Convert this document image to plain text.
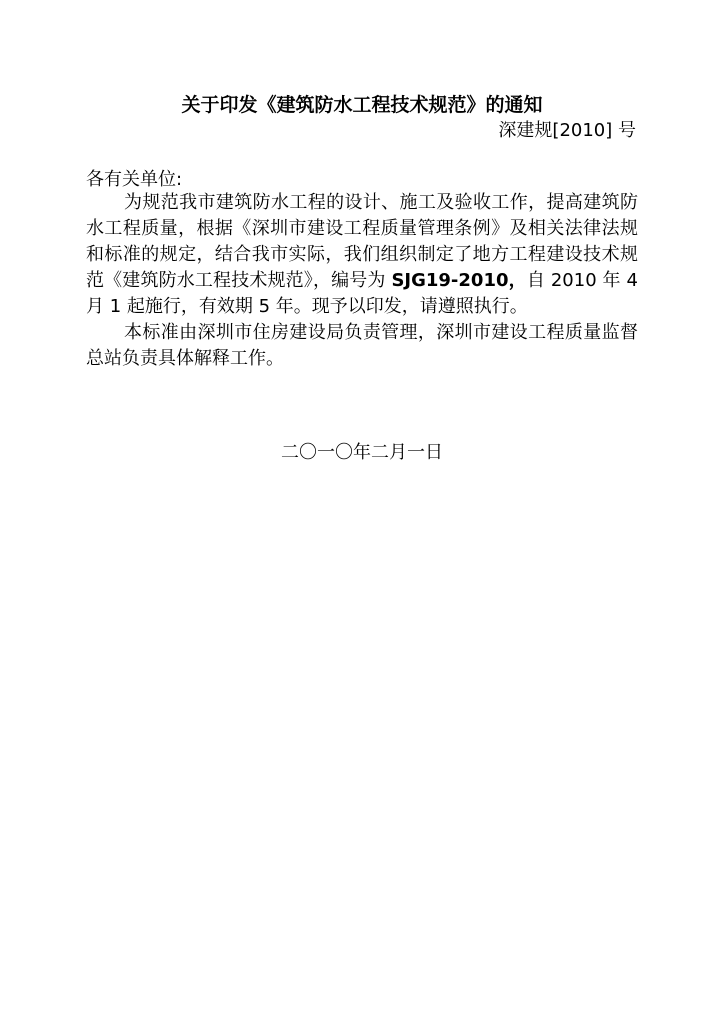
关于印发《建筑防水工程技术规范》的通知
深建规[2010] 号
各有关单位:

为规范我市建筑防水工程的设计、施工及验收工作，提高建筑防水工程质量，根据《深圳市建设工程质量管理条例》及相关法律法规和标准的规定，结合我市实际，我们组织制定了地方工程建设技术规范《建筑防水工程技术规范》，编号为 SJG19-2010，自 2010 年 4 月 1 起施行，有效期 5 年。现予以印发，请遵照执行。

本标准由深圳市住房建设局负责管理，深圳市建设工程质量监督总站负责具体解释工作。

二〇一〇年二月一日
